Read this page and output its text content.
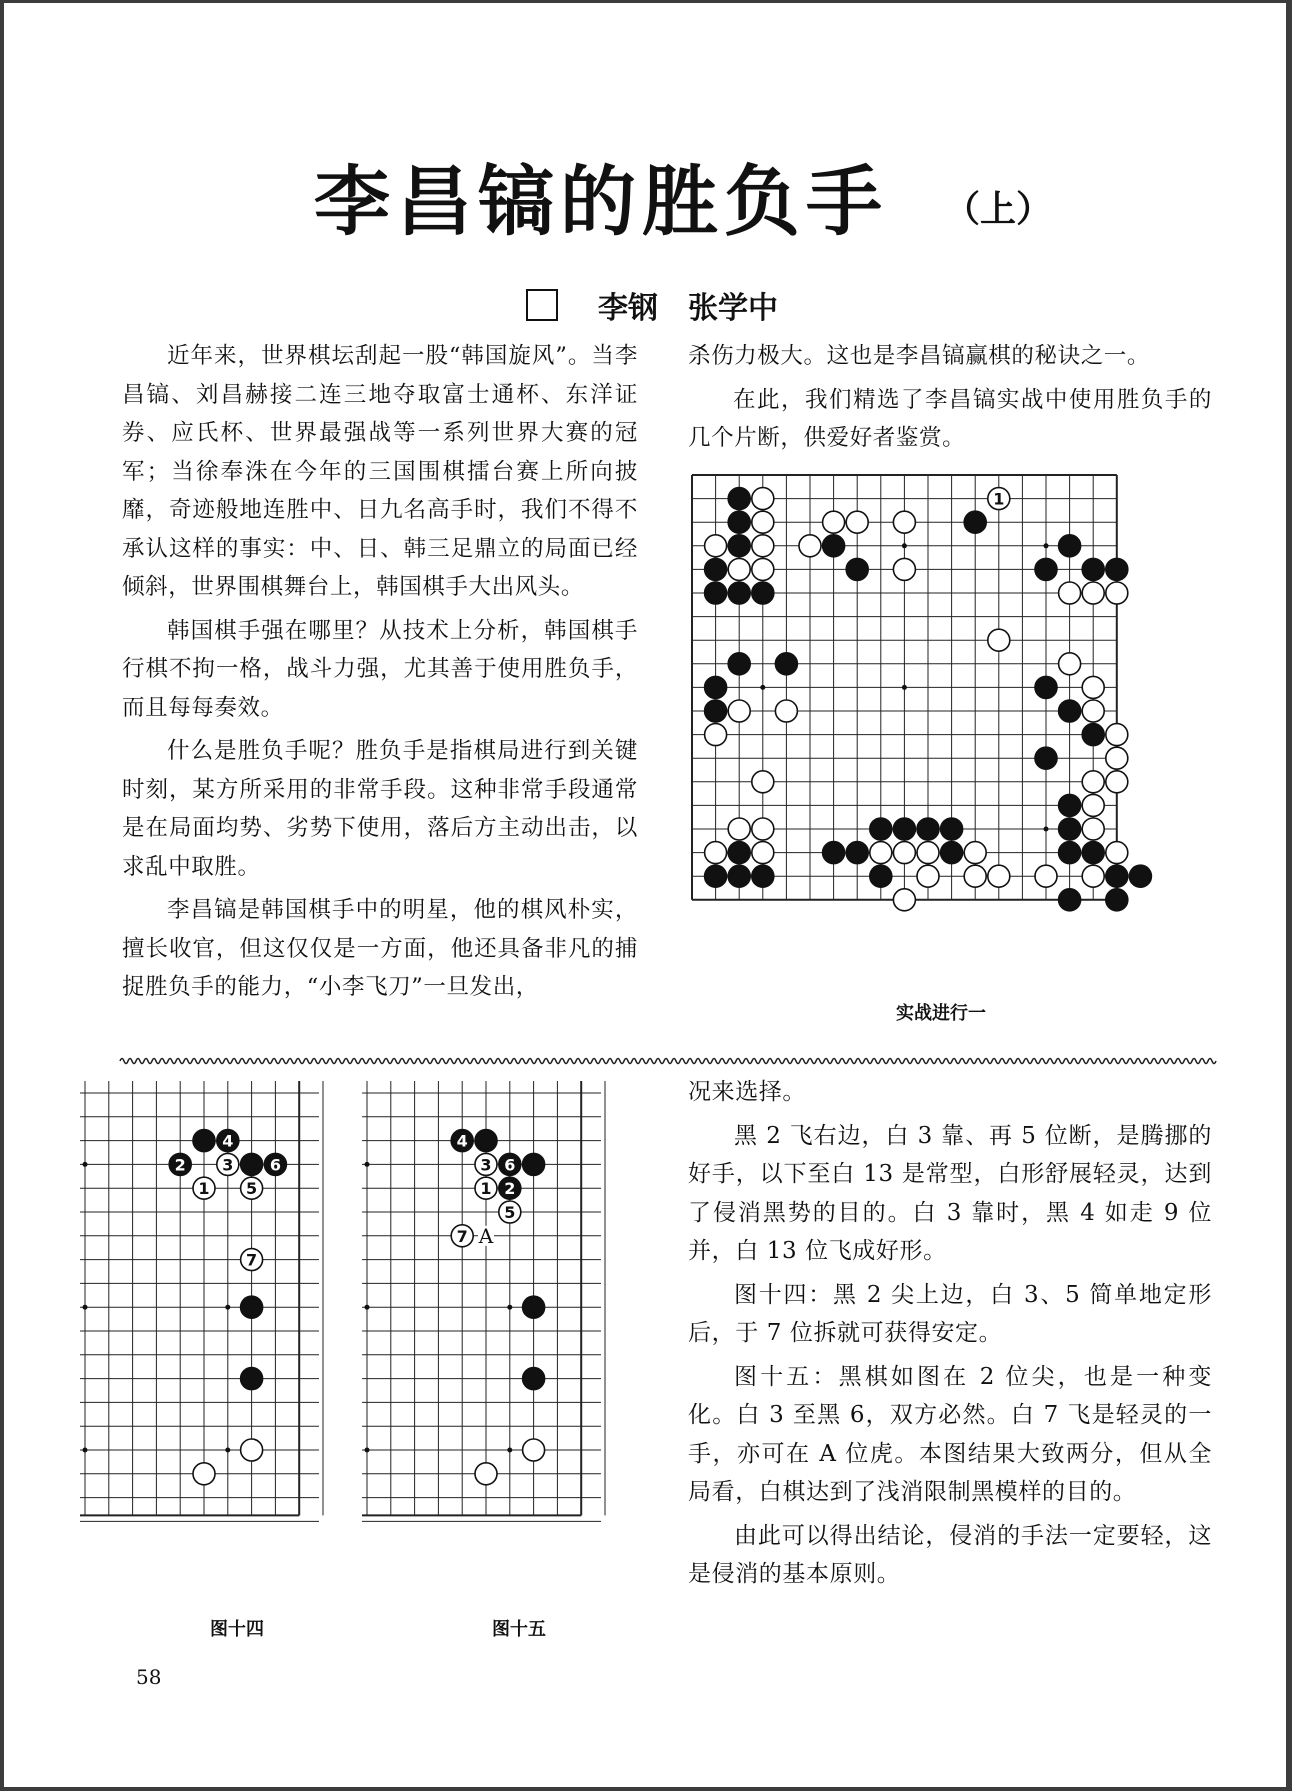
李昌镐的胜负手 （上）
李钢 张学中

近年来，世界棋坛刮起一股“韩国旋风”。当李昌镐、刘昌赫接二连三地夺取富士通杯、东洋证券、应氏杯、世界最强战等一系列世界大赛的冠军；当徐奉洙在今年的三国围棋擂台赛上所向披靡，奇迹般地连胜中、日九名高手时，我们不得不承认这样的事实：中、日、韩三足鼎立的局面已经倾斜，世界围棋舞台上，韩国棋手大出风头。

韩国棋手强在哪里？从技术上分析，韩国棋手行棋不拘一格，战斗力强，尤其善于使用胜负手，而且每每奏效。

什么是胜负手呢？胜负手是指棋局进行到关键时刻，某方所采用的非常手段。这种非常手段通常是在局面均势、劣势下使用，落后方主动出击，以求乱中取胜。

李昌镐是韩国棋手中的明星，他的棋风朴实，擅长收官，但这仅仅是一方面，他还具备非凡的捕捉胜负手的能力，“小李飞刀”一旦发出，

杀伤力极大。这也是李昌镐赢棋的秘诀之一。

在此，我们精选了李昌镐实战中使用胜负手的几个片断，供爱好者鉴赏。

1
实战进行一
4
2 3 6
1 5
7
图十四
4
3 6
1 2
5
7 A
图十五

况来选择。

黑 2 飞右边，白 3 靠、再 5 位断，是腾挪的好手，以下至白 13 是常型，白形舒展轻灵，达到了侵消黑势的目的。白 3 靠时，黑 4 如走 9 位并，白 13 位飞成好形。

图十四：黑 2 尖上边，白 3、5 简单地定形后，于 7 位拆就可获得安定。

图十五：黑棋如图在 2 位尖，也是一种变化。白 3 至黑 6，双方必然。白 7 飞是轻灵的一手，亦可在 A 位虎。本图结果大致两分，但从全局看，白棋达到了浅消限制黑模样的目的。

由此可以得出结论，侵消的手法一定要轻，这是侵消的基本原则。

58
